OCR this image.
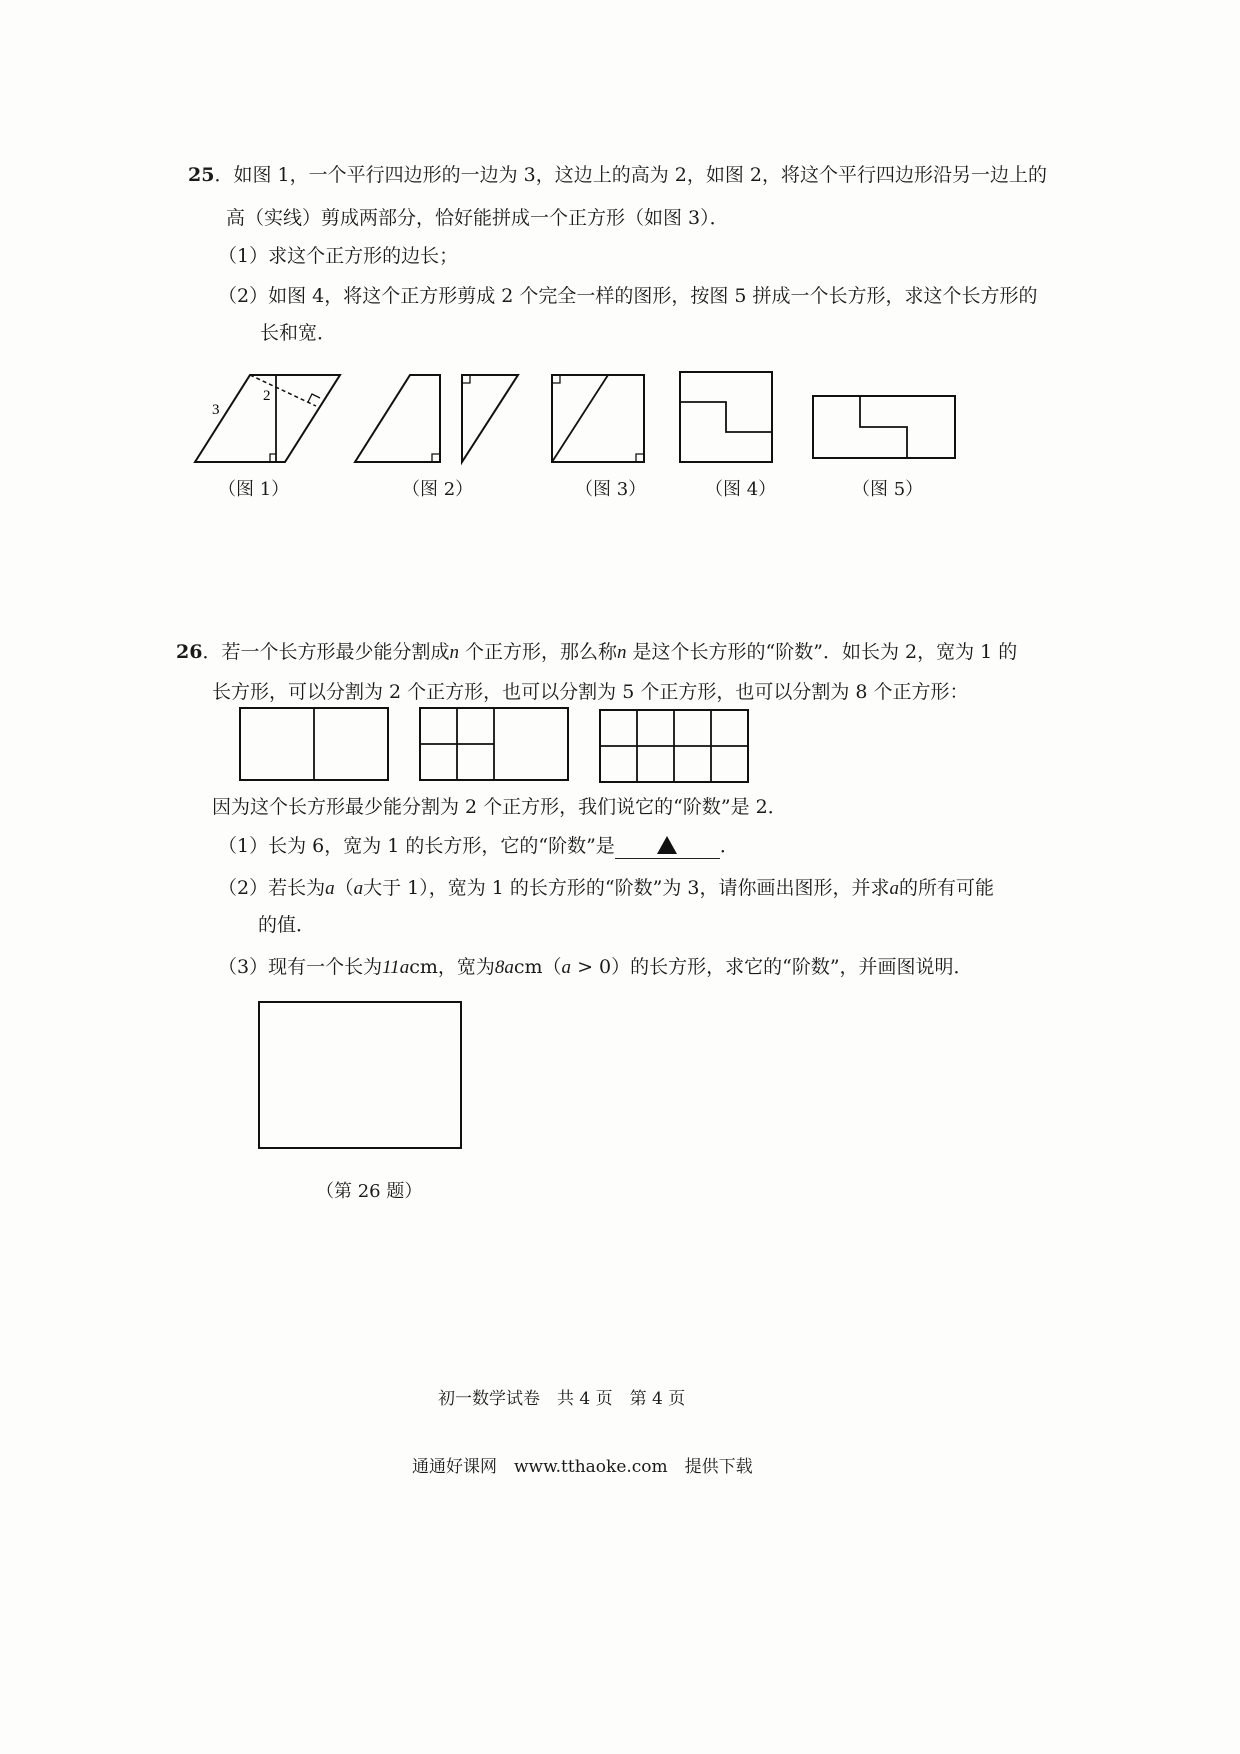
25．如图 1，一个平行四边形的一边为 3，这边上的高为 2，如图 2，将这个平行四边形沿另一边上的
高（实线）剪成两部分，恰好能拼成一个正方形（如图 3）．
（1）求这个正方形的边长；
（2）如图 4，将这个正方形剪成 2 个完全一样的图形，按图 5 拼成一个长方形，求这个长方形的
长和宽．
3
2
（图 1）	（图 2）	（图 3）	（图 4）	（图 5）
26．若一个长方形最少能分割成n 个正方形，那么称n 是这个长方形的“阶数”．如长为 2，宽为 1 的
长方形，可以分割为 2 个正方形，也可以分割为 5 个正方形，也可以分割为 8 个正方形：
因为这个长方形最少能分割为 2 个正方形，我们说它的“阶数”是 2．
（1）长为 6，宽为 1 的长方形，它的“阶数”是	．
（2）若长为a（a大于 1），宽为 1 的长方形的“阶数”为 3，请你画出图形，并求a的所有可能
的值．
（3）现有一个长为11acm，宽为8acm（a > 0）的长方形，求它的“阶数”，并画图说明．
（第 26 题）
初一数学试卷　共 4 页　第 4 页
通通好课网　www.tthaoke.com　提供下载
